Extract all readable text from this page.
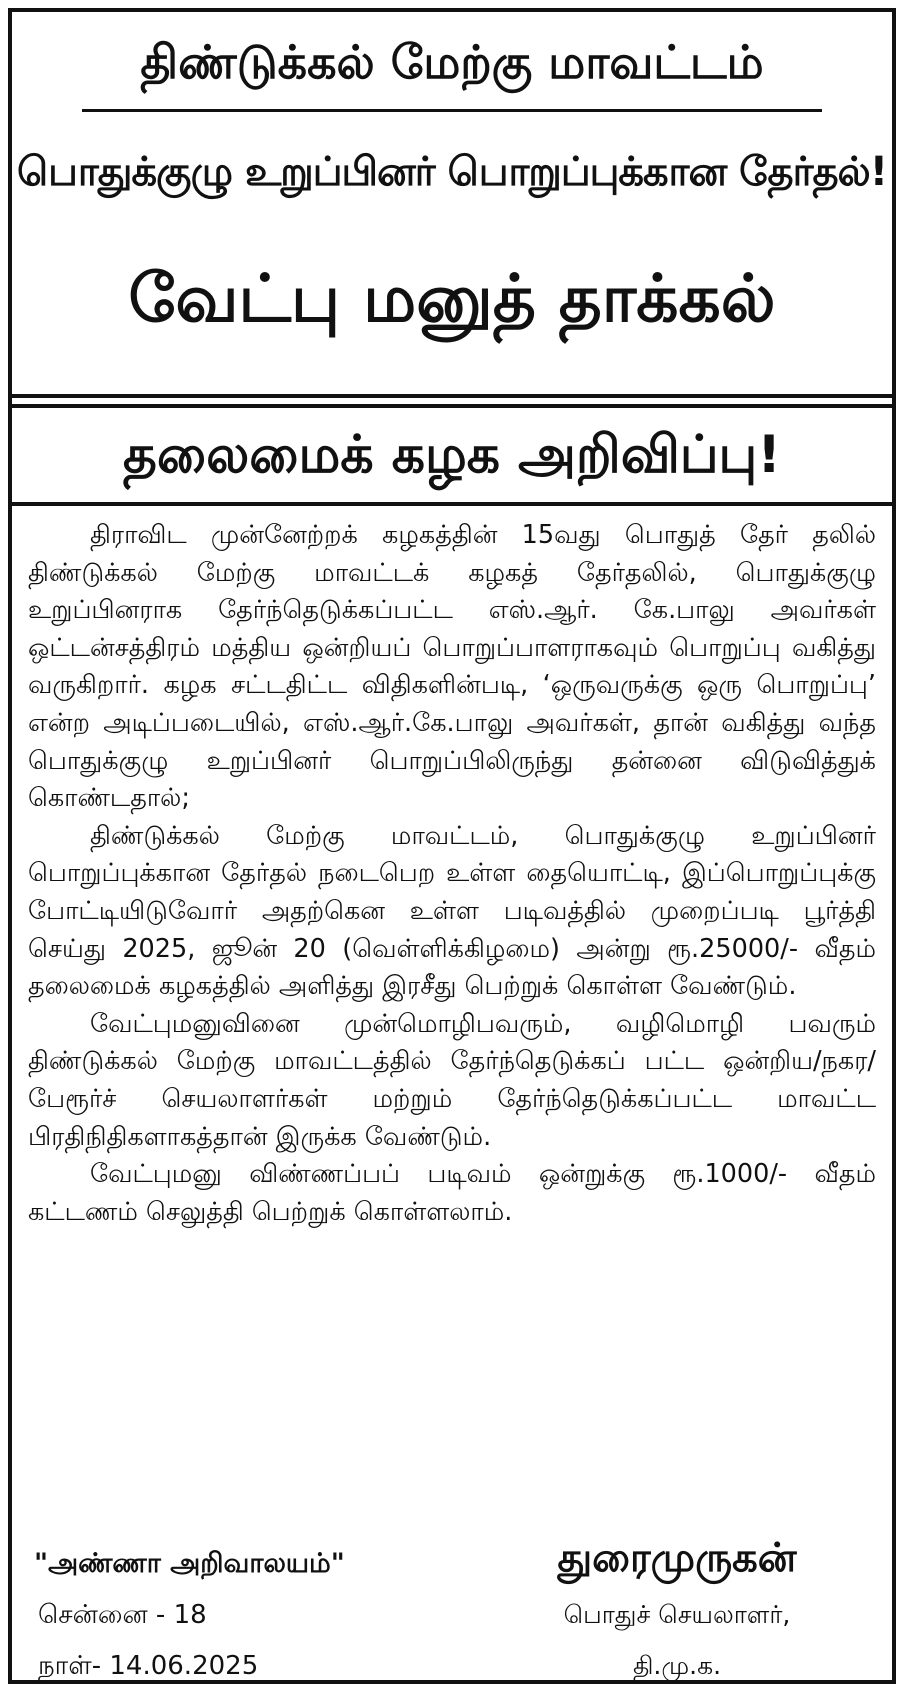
திண்டுக்கல் மேற்கு மாவட்டம்
பொதுக்குழு உறுப்பினர் பொறுப்புக்கான தேர்தல்!
வேட்பு மனுத் தாக்கல்
தலைமைக் கழக அறிவிப்பு!

திராவிட முன்னேற்றக் கழகத்தின் 15வது பொதுத் தேர் தலில் திண்டுக்கல் மேற்கு மாவட்டக் கழகத் தேர்தலில், பொதுக்குழு உறுப்பினராக தேர்ந்தெடுக்கப்பட்ட எஸ்.ஆர். கே.பாலு அவர்கள் ஒட்டன்சத்திரம் மத்திய ஒன்றியப் பொறுப்பாளராகவும் பொறுப்பு வகித்து வருகிறார். கழக சட்டதிட்ட விதிகளின்படி, ‘ஒருவருக்கு ஒரு பொறுப்பு’ என்ற அடிப்படையில், எஸ்.ஆர்.கே.பாலு அவர்கள், தான் வகித்து வந்த பொதுக்குழு உறுப்பினர் பொறுப்பிலிருந்து தன்னை விடுவித்துக் கொண்டதால்;

திண்டுக்கல் மேற்கு மாவட்டம், பொதுக்குழு உறுப்பினர் பொறுப்புக்கான தேர்தல் நடைபெற உள்ள தையொட்டி, இப்பொறுப்புக்கு போட்டியிடுவோர் அதற்கென உள்ள படிவத்தில் முறைப்படி பூர்த்தி செய்து 2025, ஜூன் 20 (வெள்ளிக்கிழமை) அன்று ரூ.25000/- வீதம் தலைமைக் கழகத்தில் அளித்து இரசீது பெற்றுக் கொள்ள வேண்டும்.

வேட்புமனுவினை முன்மொழிபவரும், வழிமொழி பவரும் திண்டுக்கல் மேற்கு மாவட்டத்தில் தேர்ந்தெடுக்கப் பட்ட ஒன்றிய/நகர/பேரூர்ச் செயலாளர்கள் மற்றும் தேர்ந்தெடுக்கப்பட்ட மாவட்ட பிரதிநிதிகளாகத்தான் இருக்க வேண்டும்.

வேட்புமனு விண்ணப்பப் படிவம் ஒன்றுக்கு ரூ.1000/- வீதம் கட்டணம் செலுத்தி பெற்றுக் கொள்ளலாம்.

"அண்ணா அறிவாலயம்"
சென்னை - 18
நாள்- 14.06.2025
துரைமுருகன்
பொதுச் செயலாளர்,
தி.மு.க.
